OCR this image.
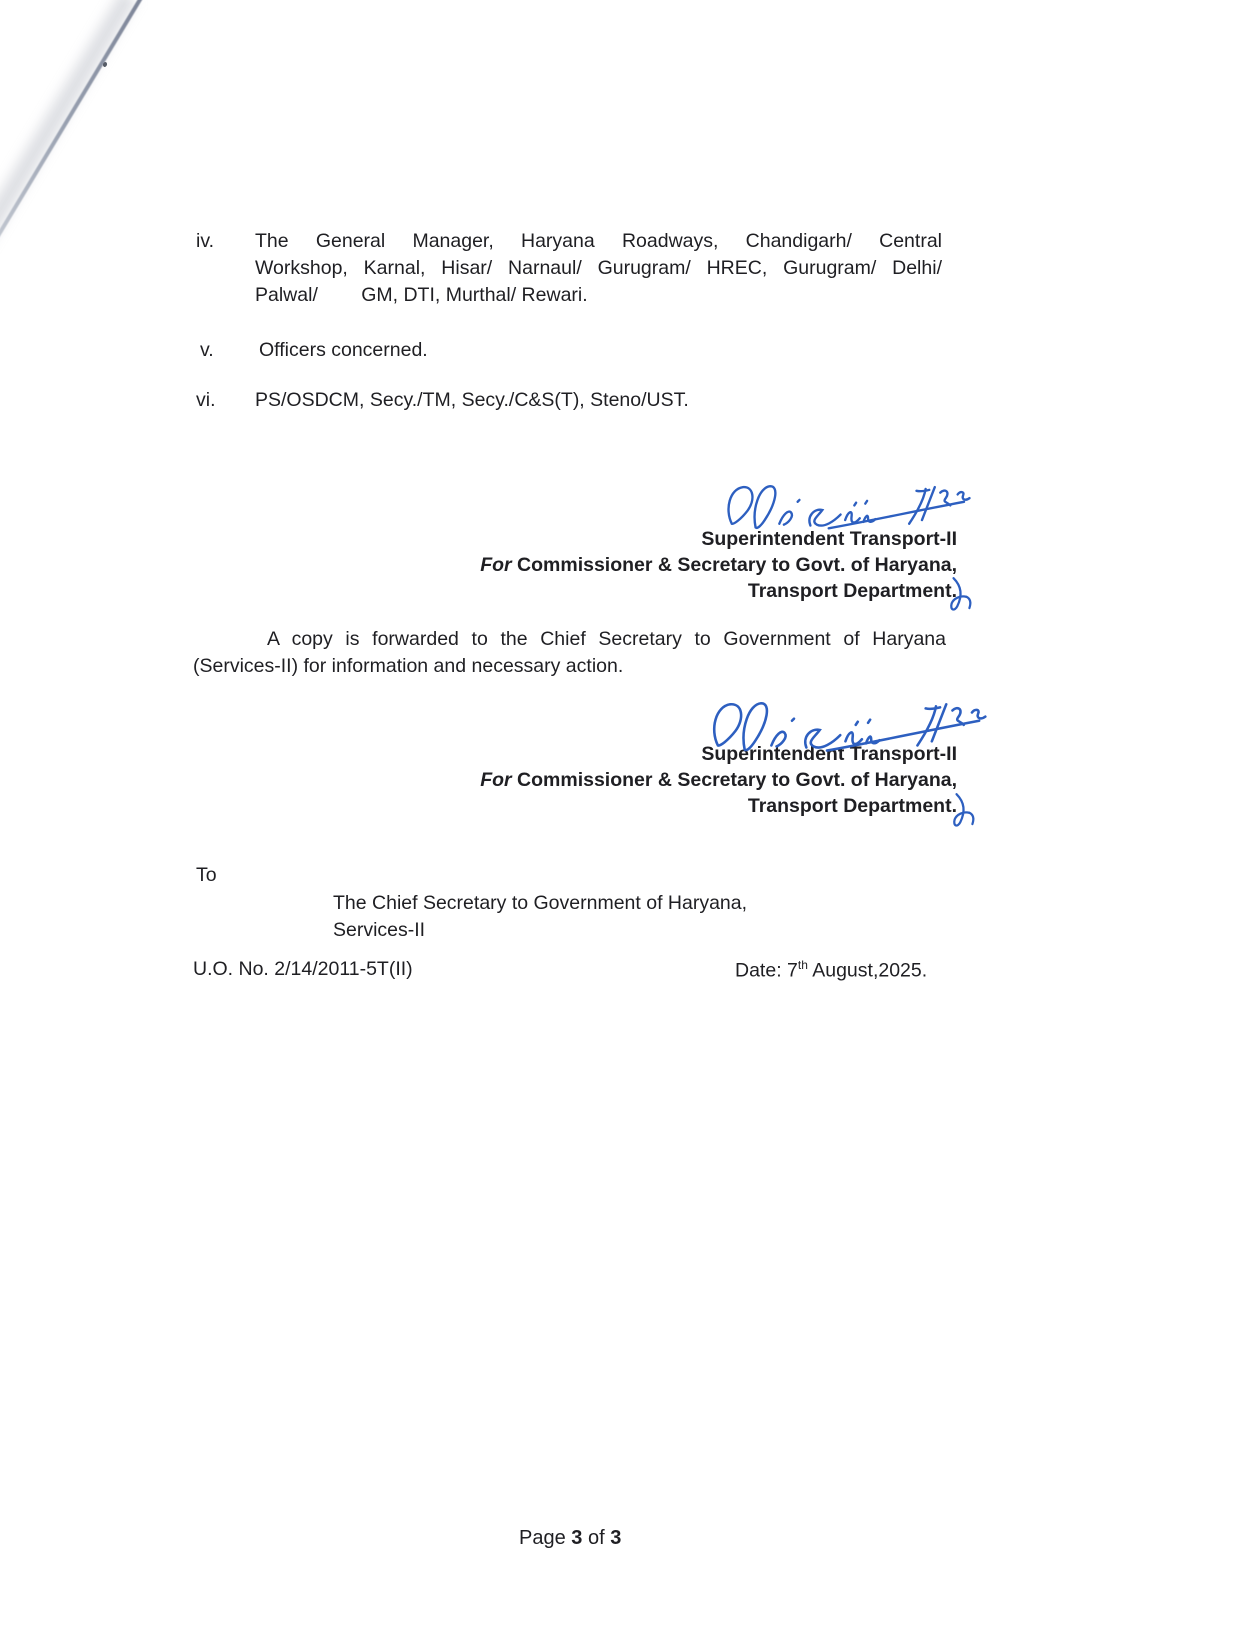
iv.	The General Manager, Haryana Roadways, Chandigarh/ Central
Workshop, Karnal, Hisar/ Narnaul/ Gurugram/ HREC, Gurugram/ Delhi/
Palwal/        GM, DTI, Murthal/ Rewari.
v.	Officers concerned.
vi.	PS/OSDCM, Secy./TM, Secy./C&S(T), Steno/UST.
Superintendent Transport-II
For Commissioner & Secretary to Govt. of Haryana,
Transport Department.
A copy is forwarded to the Chief Secretary to Government of Haryana
(Services-II) for information and necessary action.
Superintendent Transport-II
For Commissioner & Secretary to Govt. of Haryana,
Transport Department.
To
The Chief Secretary to Government of Haryana,
Services-II
U.O. No. 2/14/2011-5T(II)	Date: 7th August,2025.
Page 3 of 3
